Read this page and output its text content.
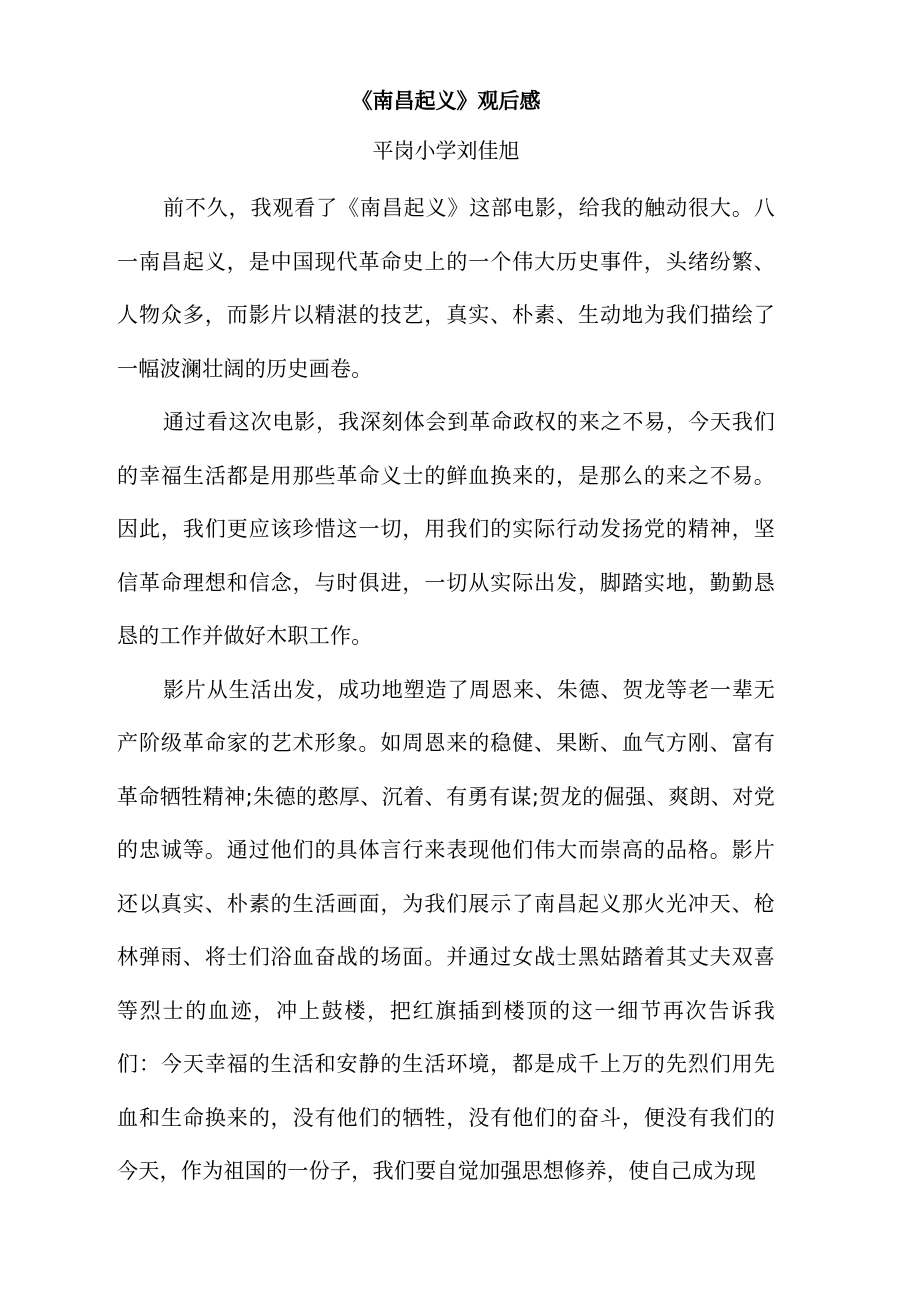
《南昌起义》观后感
平岗小学刘佳旭

前不久，我观看了《南昌起义》这部电影，给我的触动很大。八一南昌起义，是中国现代革命史上的一个伟大历史事件，头绪纷繁、人物众多，而影片以精湛的技艺，真实、朴素、生动地为我们描绘了一幅波澜壮阔的历史画卷。

通过看这次电影，我深刻体会到革命政权的来之不易，今天我们的幸福生活都是用那些革命义士的鲜血换来的，是那么的来之不易。因此，我们更应该珍惜这一切，用我们的实际行动发扬党的精神，坚信革命理想和信念，与时俱进，一切从实际出发，脚踏实地，勤勤恳恳的工作并做好木职工作。

影片从生活出发，成功地塑造了周恩来、朱德、贺龙等老一辈无产阶级革命家的艺术形象。如周恩来的稳健、果断、血气方刚、富有革命牺牲精神;朱德的憨厚、沉着、有勇有谋;贺龙的倔强、爽朗、对党的忠诚等。通过他们的具体言行来表现他们伟大而崇高的品格。影片还以真实、朴素的生活画面，为我们展示了南昌起义那火光冲天、枪林弹雨、将士们浴血奋战的场面。并通过女战士黑姑踏着其丈夫双喜等烈士的血迹，冲上鼓楼，把红旗插到楼顶的这一细节再次告诉我们：今天幸福的生活和安静的生活环境，都是成千上万的先烈们用先血和生命换来的，没有他们的牺牲，没有他们的奋斗，便没有我们的今天，作为祖国的一份子，我们要自觉加强思想修养，使自己成为现
